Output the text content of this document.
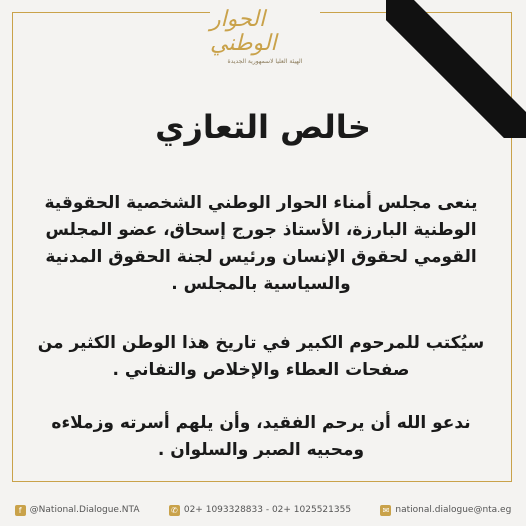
الحوار الوطني
الهيئة العليا لاسمهورية الجديدة
خالص التعازي
ينعى مجلس أمناء الحوار الوطني الشخصية الحقوقية الوطنية البارزة، الأستاذ جورج إسحاق، عضو المجلس القومي لحقوق الإنسان ورئيس لجنة الحقوق المدنية والسياسية بالمجلس .
سيُكتب للمرحوم الكبير في تاريخ هذا الوطن الكثير من صفحات العطاء والإخلاص والتفاني .
ندعو الله أن يرحم الفقيد، وأن يلهم أسرته وزملاءه ومحبيه الصبر والسلوان .
f @National.Dialogue.NTA	✆ 02+ 1093328833 - 02+ 1025521355	✉ national.dialogue@nta.eg
